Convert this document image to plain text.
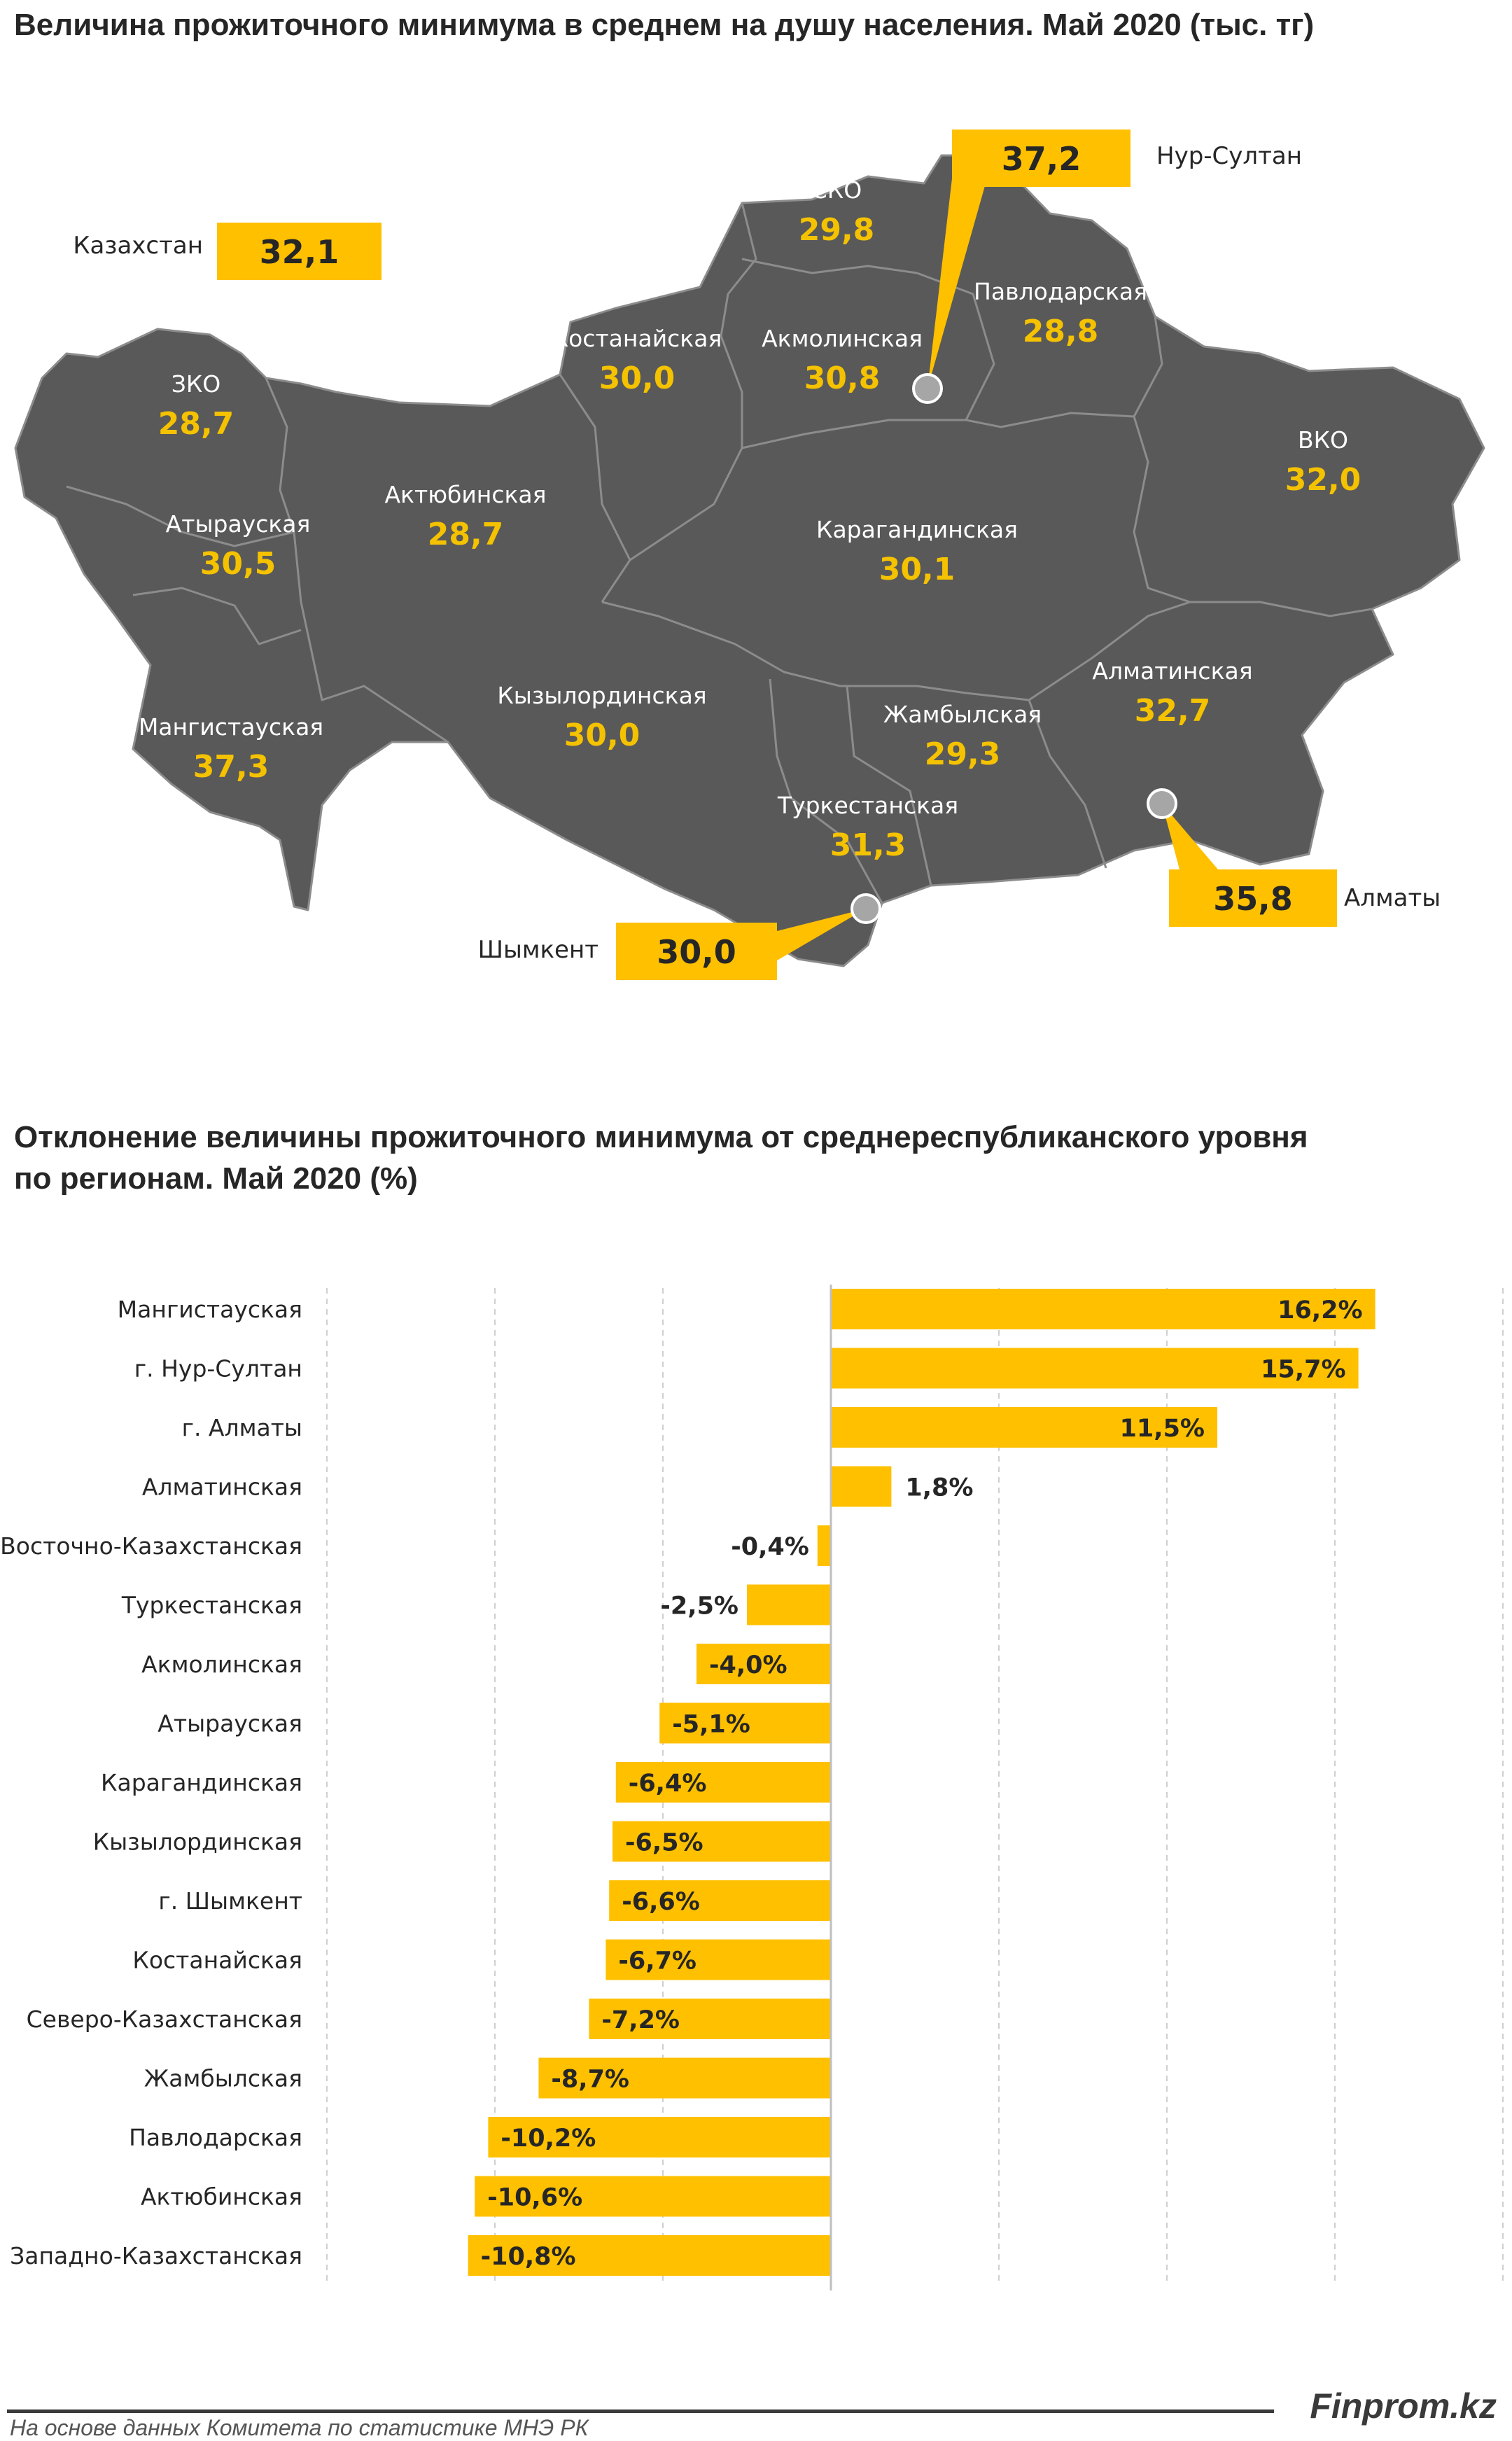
Величина прожиточного минимума в среднем на душу населения. Май 2020 (тыс. тг)
СКО
29,8
Костанайская
30,0
Акмолинская
30,8
Павлодарская
28,8
ЗКО
28,7	ВКО
32,0
Актюбинская
28,7
Атырауская
30,5
Карагандинская
30,1
Мангистауская
37,3
Кызылординская
30,0
Алматинская
32,7
Жамбылская
29,3
Туркестанская
31,3
32,1
Казахстан
37,2	Нур-Султан
35,8 Алматы
30,0
Шымкент
Отклонение величины прожиточного минимума от среднереспубликанского уровня
по регионам. Май 2020 (%)
Мангистауская
г. Нур-Султан
г. Алматы
Алматинская
Восточно-Казахстанская
Туркестанская
Акмолинская
Атырауская
Карагандинская
Кызылординская
г. Шымкент
Костанайская
Северо-Казахстанская
Жамбылская
Павлодарская
Актюбинская
Западно-Казахстанская
16,2%
15,7%
11,5%
1,8%
-0,4%
-2,5%
-4,0%
-5,1%
-6,4%
-6,5%
-6,6%
-6,7%
-7,2%
-8,7%
-10,2%
-10,6%
-10,8%
На основе данных Комитета по статистике МНЭ РК
Finprom.kz
